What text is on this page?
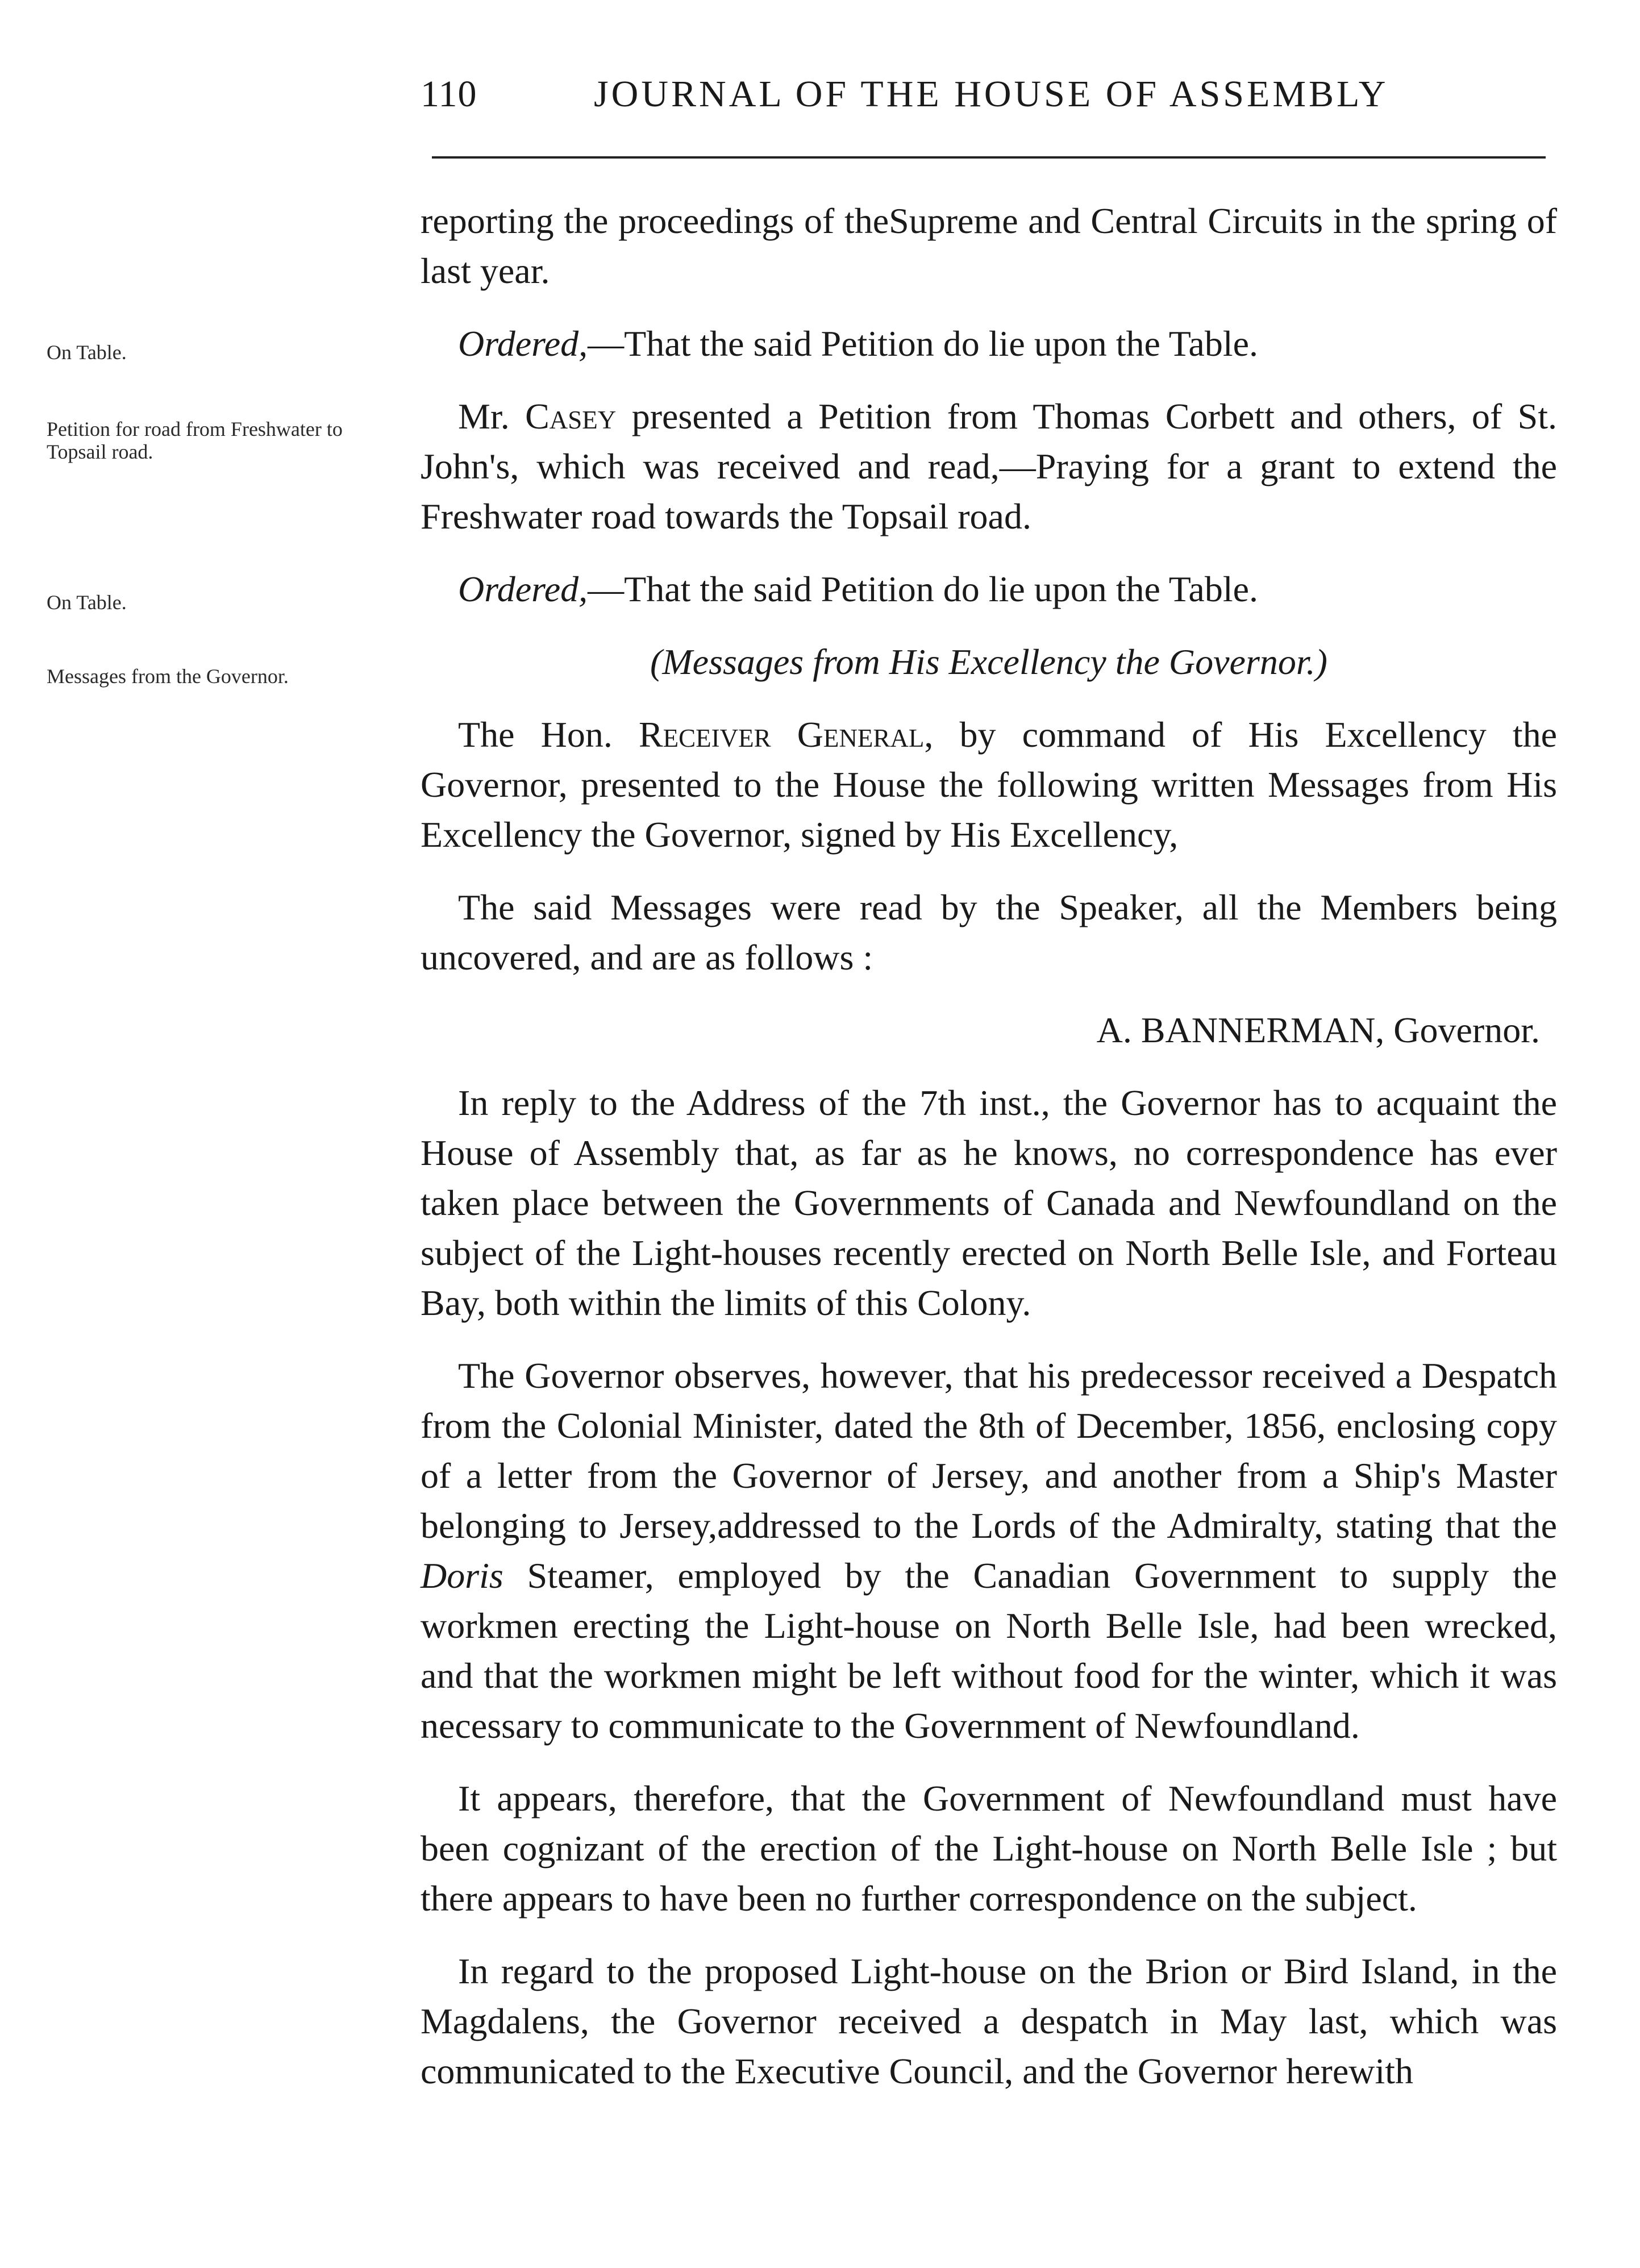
110	JOURNAL OF THE HOUSE OF ASSEMBLY
On Table.
Petition for road from Freshwater to Topsail road.
On Table.
Messages from the Governor.

reporting the proceedings of theSupreme and Central Circuits in the spring of last year.

Ordered,—That the said Petition do lie upon the Table.

Mr. Casey presented a Petition from Thomas Corbett and others, of St. John's, which was received and read,—Praying for a grant to extend the Freshwater road towards the Topsail road.

Ordered,—That the said Petition do lie upon the Table.

(Messages from His Excellency the Governor.)

The Hon. Receiver General, by command of His Excellency the Governor, presented to the House the following written Messages from His Excellency the Governor, signed by His Excellency,

The said Messages were read by the Speaker, all the Members being uncovered, and are as follows :

A. BANNERMAN, Governor.

In reply to the Address of the 7th inst., the Governor has to acquaint the House of Assembly that, as far as he knows, no correspondence has ever taken place between the Governments of Canada and Newfoundland on the subject of the Light-houses recently erected on North Belle Isle, and Forteau Bay, both within the limits of this Colony.

The Governor observes, however, that his predecessor received a Despatch from the Colonial Minister, dated the 8th of December, 1856, enclosing copy of a letter from the Governor of Jersey, and another from a Ship's Master belonging to Jersey,addressed to the Lords of the Admiralty, stating that the Doris Steamer, employed by the Canadian Government to supply the workmen erecting the Light-house on North Belle Isle, had been wrecked, and that the workmen might be left without food for the winter, which it was necessary to communicate to the Government of Newfoundland.

It appears, therefore, that the Government of Newfoundland must have been cognizant of the erection of the Light-house on North Belle Isle ; but there appears to have been no further correspondence on the subject.

In regard to the proposed Light-house on the Brion or Bird Island, in the Magdalens, the Governor received a despatch in May last, which was communicated to the Executive Council, and the Governor herewith
